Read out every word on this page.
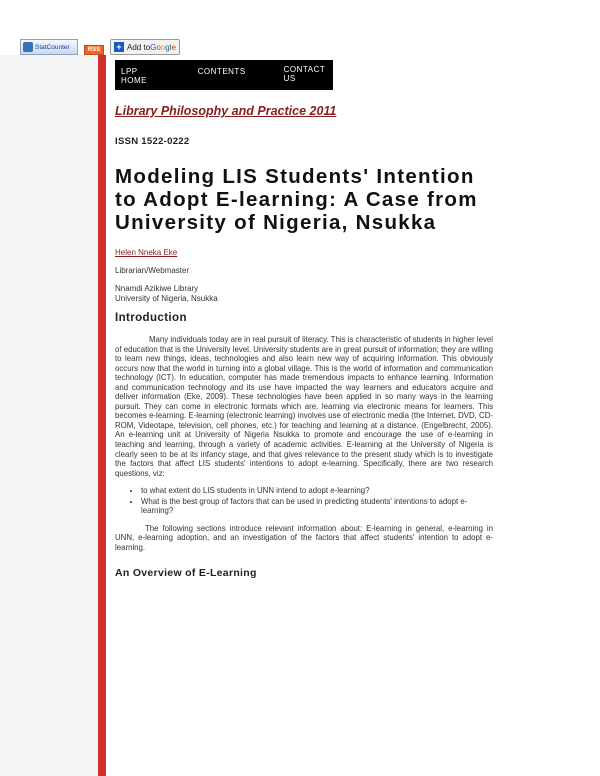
StatCounter	RSS + Add to G o o g l e
LPP HOME
CONTENTS	CONTACT US
Library Philosophy and Practice 2011
ISSN 1522-0222
Modeling LIS Students' Intention to Adopt E-learning: A Case from University of Nigeria, Nsukka
Helen Nneka Eke
Librarian/Webmaster
Nnamdi Azikiwe Library
University of Nigeria, Nsukka
Introduction

Many individuals today are in real pursuit of literacy. This is characteristic of students in higher level of education that is the University level. University students are in great pursuit of information; they are willing to learn new things, ideas, technologies and also learn new way of acquiring information. This obviously occurs now that the world in turning into a global village. This is the world of information and communication technology (ICT). In education, computer has made tremendous impacts to enhance learning. Information and communication technology and its use have impacted the way learners and educators acquire and deliver information (Eke, 2009). These technologies have been applied in so many ways in the learning pursuit. They can come in electronic formats which are, learning via electronic means for learners. This becomes e-learning. E-learning (electronic learning) involves use of electronic media (the Internet, DVD, CD-ROM, Videotape, television, cell phones, etc.) for teaching and learning at a distance. (Engelbrecht, 2005). An e-learning unit at University of Nigeria Nsukka to promote and encourage the use of e-learning in teaching and learning, through a variety of academic activities. E-learning at the University of Nigeria is clearly seen to be at its infancy stage, and that gives relevance to the present study which is to investigate the factors that affect LIS students' intentions to adopt e-learning. Specifically, there are two research questions, viz:

• to what extent do LIS students in UNN intend to adopt e-learning?
• What is the best group of factors that can be used in predicting students' intentions to adopt e-learning?

The following sections introduce relevant information about: E-learning in general, e-learning in UNN, e-learning adoption, and an investigation of the factors that affect students' intention to adopt e-learning.

An Overview of E-Learning
